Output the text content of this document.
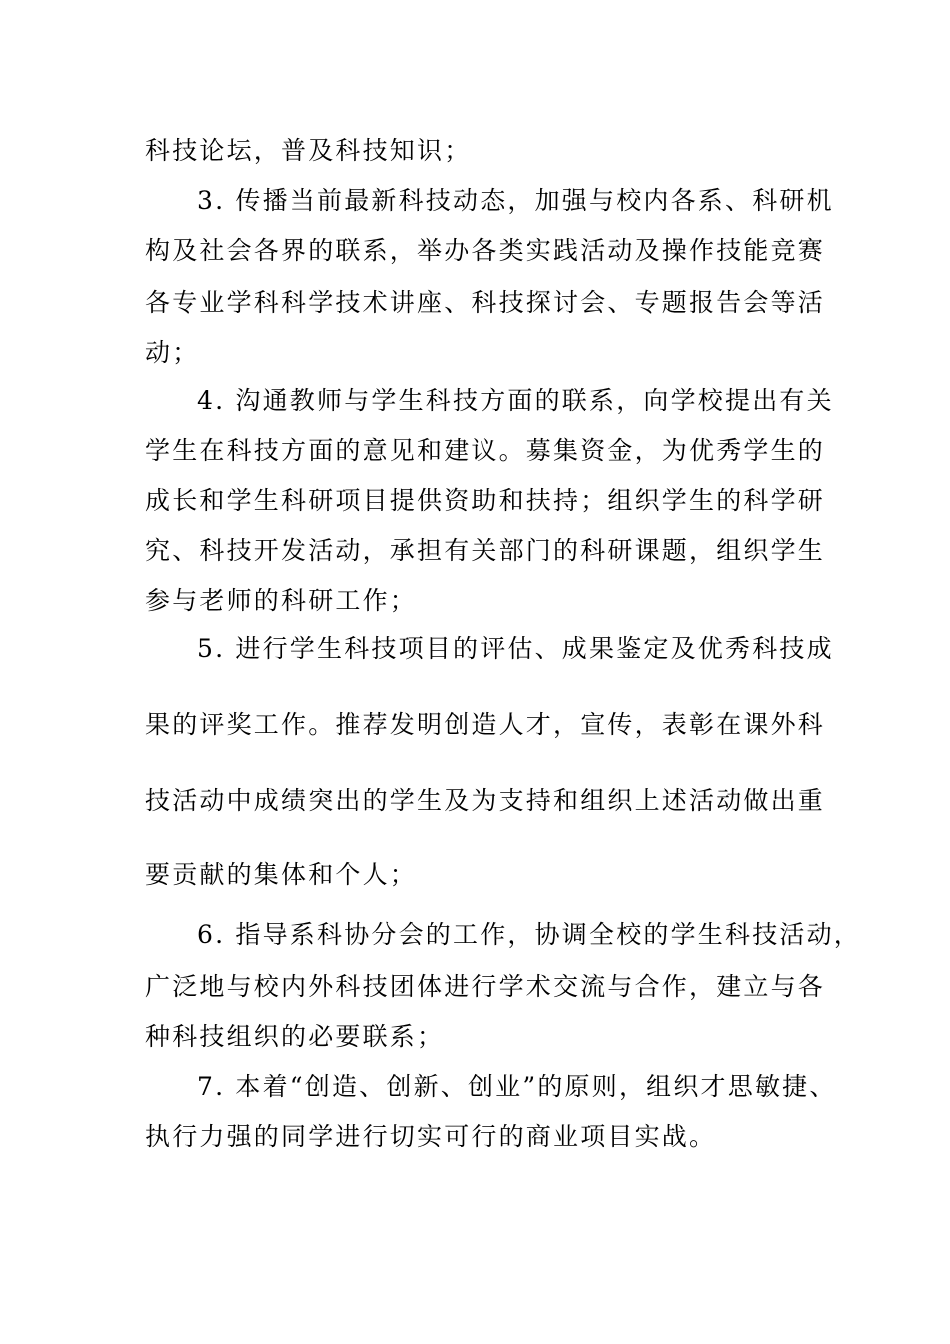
科技论坛，普及科技知识；
3. 传播当前最新科技动态，加强与校内各系、科研机
构及社会各界的联系，举办各类实践活动及操作技能竞赛
各专业学科科学技术讲座、科技探讨会、专题报告会等活
动；
4. 沟通教师与学生科技方面的联系，向学校提出有关
学生在科技方面的意见和建议。募集资金，为优秀学生的
成长和学生科研项目提供资助和扶持；组织学生的科学研
究、科技开发活动，承担有关部门的科研课题，组织学生
参与老师的科研工作；
5. 进行学生科技项目的评估、成果鉴定及优秀科技成
果的评奖工作。推荐发明创造人才，宣传，表彰在课外科
技活动中成绩突出的学生及为支持和组织上述活动做出重
要贡献的集体和个人；
6. 指导系科协分会的工作，协调全校的学生科技活动，
广泛地与校内外科技团体进行学术交流与合作，建立与各
种科技组织的必要联系；
7. 本着“创造、创新、创业”的原则，组织才思敏捷、
执行力强的同学进行切实可行的商业项目实战。
